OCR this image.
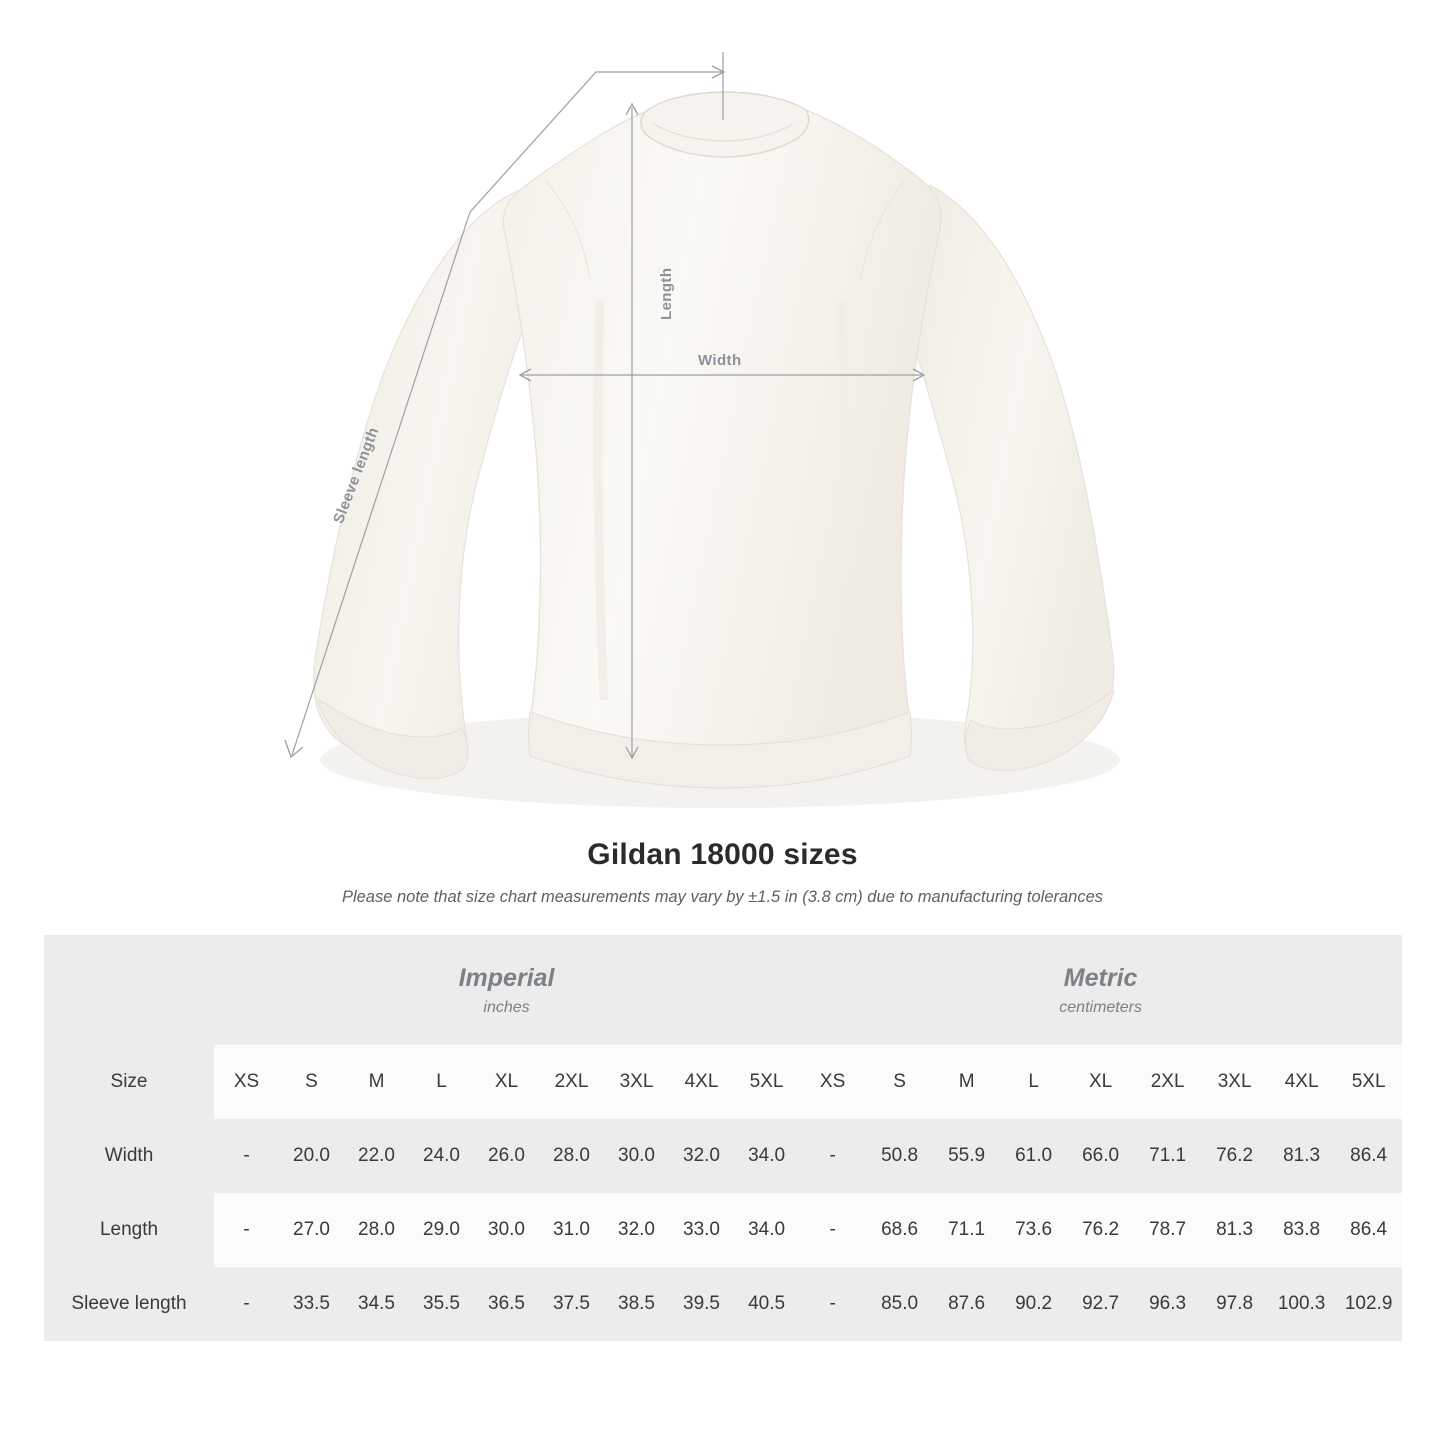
Length
Width
Sleeve length
Gildan 18000 sizes
Please note that size chart measurements may vary by ±1.5 in (3.8 cm) due to manufacturing tolerances

Imperial
inches

Metric
centimeters

Size	XS	S	M	L	XL	2XL	3XL	4XL	5XL	XS	S	M	L	XL	2XL	3XL	4XL	5XL
Width	-	20.0	22.0	24.0	26.0	28.0	30.0	32.0	34.0	-	50.8	55.9	61.0	66.0	71.1	76.2	81.3	86.4
Length	-	27.0	28.0	29.0	30.0	31.0	32.0	33.0	34.0	-	68.6	71.1	73.6	76.2	78.7	81.3	83.8	86.4
Sleeve length	-	33.5	34.5	35.5	36.5	37.5	38.5	39.5	40.5	-	85.0	87.6	90.2	92.7	96.3	97.8	100.3	102.9
